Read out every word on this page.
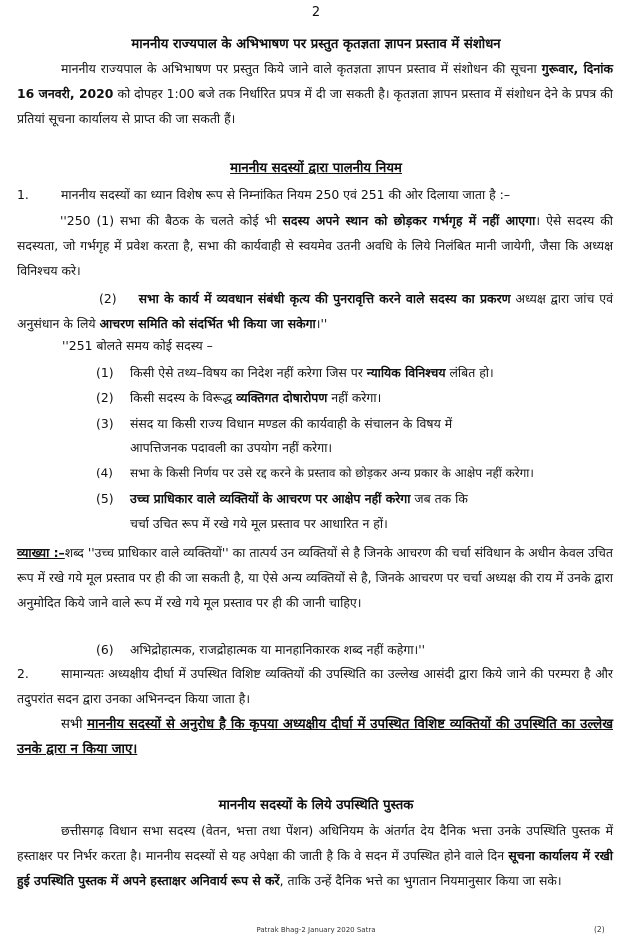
2
माननीय राज्यपाल के अभिभाषण पर प्रस्तुत कृतज्ञता ज्ञापन प्रस्ताव में संशोधन
माननीय राज्यपाल के अभिभाषण पर प्रस्तुत किये जाने वाले कृतज्ञता ज्ञापन प्रस्ताव में संशोधन की सूचना गुरूवार, दिनांक 16 जनवरी, 2020 को दोपहर 1:00 बजे तक निर्धारित प्रपत्र में दी जा सकती है। कृतज्ञता ज्ञापन प्रस्ताव में संशोधन देने के प्रपत्र की प्रतियां सूचना कार्यालय से प्राप्त की जा सकती हैं।
माननीय सदस्यों द्वारा पालनीय नियम
1.	माननीय सदस्यों का ध्यान विशेष रूप से निम्नांकित नियम 250 एवं 251 की ओर दिलाया जाता है :–
''250 (1) सभा की बैठक के चलते कोई भी सदस्य अपने स्थान को छोड़कर गर्भगृह में नहीं आएगा। ऐसे सदस्य की सदस्यता, जो गर्भगृह में प्रवेश करता है, सभा की कार्यवाही से स्वयमेव उतनी अवधि के लिये निलंबित मानी जायेगी, जैसा कि अध्यक्ष विनिश्चय करे।
(2) सभा के कार्य में व्यवधान संबंधी कृत्य की पुनरावृत्ति करने वाले सदस्य का प्रकरण अध्यक्ष द्वारा जांच एवं अनुसंधान के लिये आचरण समिति को संदर्भित भी किया जा सकेगा।''
''251 बोलते समय कोई सदस्य –
(1) किसी ऐसे तथ्य–विषय का निदेश नहीं करेगा जिस पर न्यायिक विनिश्चय लंबित हो।
(2) किसी सदस्य के विरूद्ध व्यक्तिगत दोषारोपण नहीं करेगा।
(3) संसद या किसी राज्य विधान मण्डल की कार्यवाही के संचालन के विषय में
आपत्तिजनक पदावली का उपयोग नहीं करेगा।
(4) सभा के किसी निर्णय पर उसे रद्द करने के प्रस्ताव को छोड़कर अन्य प्रकार के आक्षेप नहीं करेगा।
(5) उच्च प्राधिकार वाले व्यक्तियों के आचरण पर आक्षेप नहीं करेगा जब तक कि
चर्चा उचित रूप में रखे गये मूल प्रस्ताव पर आधारित न हों।
व्याख्या :–शब्द ''उच्च प्राधिकार वाले व्यक्तियों'' का तात्पर्य उन व्यक्तियों से है जिनके आचरण की चर्चा संविधान के अधीन केवल उचित रूप में रखे गये मूल प्रस्ताव पर ही की जा सकती है, या ऐसे अन्य व्यक्तियों से है, जिनके आचरण पर चर्चा अध्यक्ष की राय में उनके द्वारा अनुमोदित किये जाने वाले रूप में रखे गये मूल प्रस्ताव पर ही की जानी चाहिए।
(6) अभिद्रोहात्मक, राजद्रोहात्मक या मानहानिकारक शब्द नहीं कहेगा।''
2.	सामान्यतः अध्यक्षीय दीर्घा में उपस्थित विशिष्ट व्यक्तियों की उपस्थिति का उल्लेख आसंदी द्वारा किये जाने की परम्परा है और तदुपरांत सदन द्वारा उनका अभिनन्दन किया जाता है।
सभी माननीय सदस्यों से अनुरोध है कि कृपया अध्यक्षीय दीर्घा में उपस्थित विशिष्ट व्यक्तियों की उपस्थिति का उल्लेख उनके द्वारा न किया जाए।
माननीय सदस्यों के लिये उपस्थिति पुस्तक
छत्तीसगढ़ विधान सभा सदस्य (वेतन, भत्ता तथा पेंशन) अधिनियम के अंतर्गत देय दैनिक भत्ता उनके उपस्थिति पुस्तक में हस्ताक्षर पर निर्भर करता है। माननीय सदस्यों से यह अपेक्षा की जाती है कि वे सदन में उपस्थित होने वाले दिन सूचना कार्यालय में रखी हुई उपस्थिति पुस्तक में अपने हस्ताक्षर अनिवार्य रूप से करें, ताकि उन्हें दैनिक भत्ते का भुगतान नियमानुसार किया जा सके।
Patrak Bhag-2 January 2020 Satra	(2)
